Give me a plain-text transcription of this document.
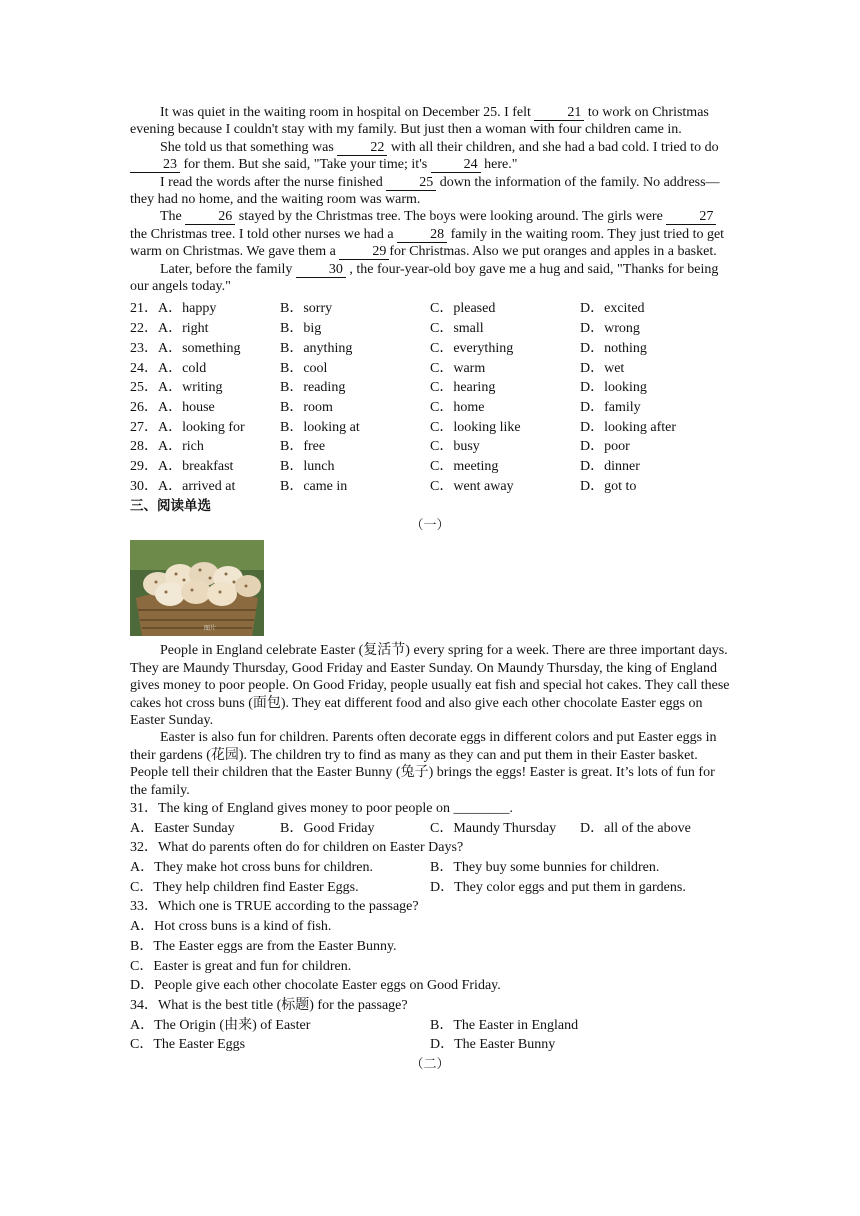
It was quiet in the waiting room in hospital on December 25. I felt 21 to work on Christmas evening because I couldn't stay with my family. But just then a woman with four children came in.

She told us that something was 22 with all their children, and she had a bad cold. I tried to do 23 for them. But she said, "Take your time; it's 24 here."

I read the words after the nurse finished 25 down the information of the family. No address—they had no home, and the waiting room was warm.

The 26 stayed by the Christmas tree. The boys were looking around. The girls were 27 the Christmas tree. I told other nurses we had a 28 family in the waiting room. They just tried to get warm on Christmas. We gave them a 29 for Christmas. Also we put oranges and apples in a basket.

Later, before the family 30 , the four-year-old boy gave me a hug and said, "Thanks for being our angels today."

21．A．happy	B．sorry	C．pleased	D．excited
22．A．right	B．big	C．small	D．wrong
23．A．something	B．anything	C．everything	D．nothing
24．A．cold	B．cool	C．warm	D．wet
25．A．writing	B．reading	C．hearing	D．looking
26．A．house	B．room	C．home	D．family
27．A．looking for	B．looking at	C．looking like	D．looking after
28．A．rich	B．free	C．busy	D．poor
29．A．breakfast	B．lunch	C．meeting	D．dinner
30．A．arrived at	B．came in	C．went away	D．got to
三、阅读单选
（一）
图片

People in England celebrate Easter (复活节) every spring for a week. There are three important days. They are Maundy Thursday, Good Friday and Easter Sunday. On Maundy Thursday, the king of England gives money to poor people. On Good Friday, people usually eat fish and special hot cakes. They call these cakes hot cross buns (面包). They eat different food and also give each other chocolate Easter eggs on Easter Sunday.

Easter is also fun for children. Parents often decorate eggs in different colors and put Easter eggs in their gardens (花园). The children try to find as many as they can and put them in their Easter basket. People tell their children that the Easter Bunny (兔子) brings the eggs! Easter is great. It’s lots of fun for the family.

31．The king of England gives money to poor people on ________.
A．Easter Sunday	B．Good Friday	C．Maundy Thursday	D．all of the above
32．What do parents often do for children on Easter Days?
A．They make hot cross buns for children.	B．They buy some bunnies for children.
C．They help children find Easter Eggs.	D．They color eggs and put them in gardens.
33．Which one is TRUE according to the passage?
A．Hot cross buns is a kind of fish.
B．The Easter eggs are from the Easter Bunny.
C．Easter is great and fun for children.
D．People give each other chocolate Easter eggs on Good Friday.
34．What is the best title (标题) for the passage?
A．The Origin (由来) of Easter	B．The Easter in England
C．The Easter Eggs	D．The Easter Bunny
（二）
